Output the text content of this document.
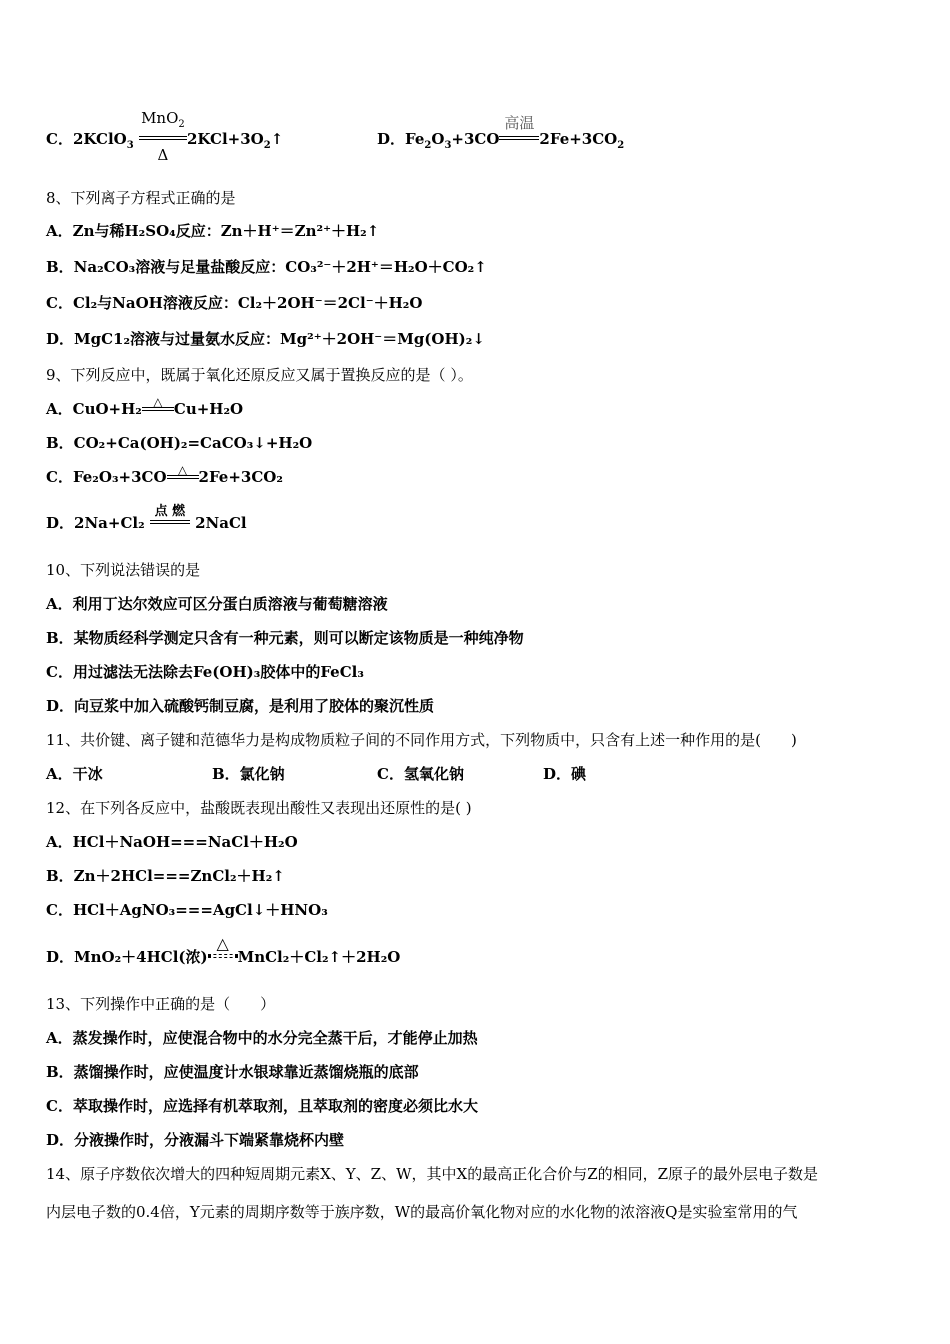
C．2KClO$_3$
MnO$_2$
Δ
$2KCl+3O_2↑$	D．$Fe_2O_3+3CO$
高温
$2Fe+3CO_2$
8、下列离子方程式正确的是
A．Zn与稀H₂SO₄反应：Zn＋H⁺＝Zn²⁺＋H₂↑
B．Na₂CO₃溶液与足量盐酸反应：CO₃²⁻＋2H⁺＝H₂O＋CO₂↑
C．Cl₂与NaOH溶液反应：Cl₂＋2OH⁻＝2Cl⁻＋H₂O
D．MgC1₂溶液与过量氨水反应：Mg²⁺＋2OH⁻＝Mg(OH)₂↓
9、下列反应中，既属于氧化还原反应又属于置换反应的是（ ）。
A．CuO+H₂ △ Cu+H₂O
B．CO₂+Ca(OH)₂=CaCO₃↓+H₂O
C．Fe₂O₃+3CO △ 2Fe+3CO₂
D．2Na+Cl₂
点 燃
2NaCl
10、下列说法错误的是
A．利用丁达尔效应可区分蛋白质溶液与葡萄糖溶液
B．某物质经科学测定只含有一种元素，则可以断定该物质是一种纯净物
C．用过滤法无法除去Fe(OH)₃胶体中的FeCl₃
D．向豆浆中加入硫酸钙制豆腐，是利用了胶体的聚沉性质
11、共价键、离子键和范德华力是构成物质粒子间的不同作用方式，下列物质中，只含有上述一种作用的是(　　)
A．干冰	B．氯化钠	C．氢氧化钠	D．碘
12、在下列各反应中，盐酸既表现出酸性又表现出还原性的是( )
A．HCl＋NaOH===NaCl＋H₂O
B．Zn＋2HCl===ZnCl₂＋H₂↑
C．HCl＋AgNO₃===AgCl↓＋HNO₃
D．MnO₂＋4HCl(浓)
△
MnCl₂＋Cl₂↑＋2H₂O
13、下列操作中正确的是（　　）
A．蒸发操作时，应使混合物中的水分完全蒸干后，才能停止加热
B．蒸馏操作时，应使温度计水银球靠近蒸馏烧瓶的底部
C．萃取操作时，应选择有机萃取剂，且萃取剂的密度必须比水大
D．分液操作时，分液漏斗下端紧靠烧杯内壁
14、原子序数依次增大的四种短周期元素X、Y、Z、W，其中X的最高正化合价与Z的相同，Z原子的最外层电子数是
内层电子数的0.4倍，Y元素的周期序数等于族序数，W的最高价氧化物对应的水化物的浓溶液Q是实验室常用的气
